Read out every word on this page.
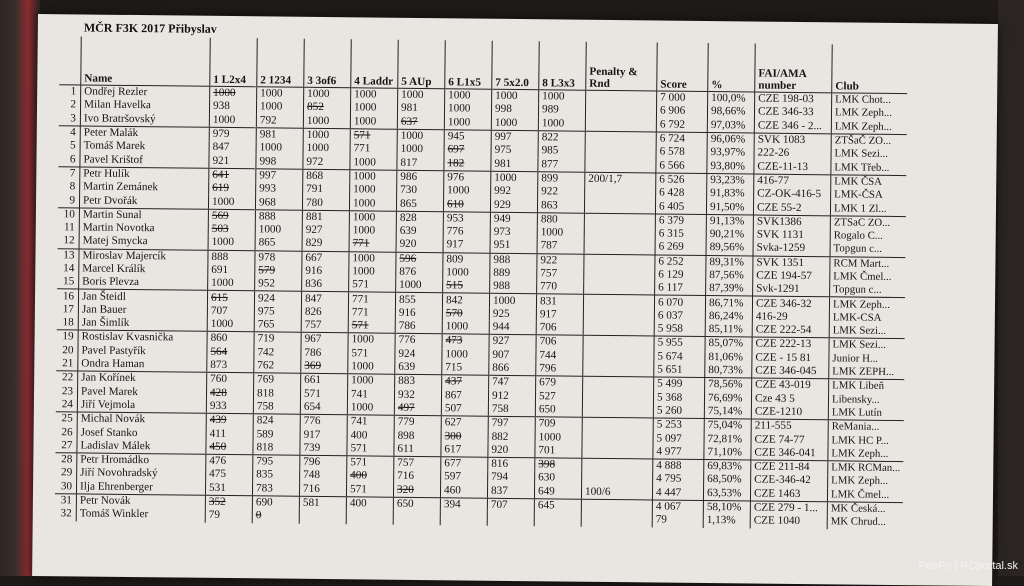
MČR F3K 2017 Přibyslav
	Name	1 L2x4	2 1234	3 3of6	4 Laddr	5 AUp	6 L1x5	7 5x2.0	8 L3x3	Penalty & Rnd	Score	%	FAI/AMA number	Club
1	Ondřej Rezler	1000	1000	1000	1000	1000	1000	1000	1000		7 000	100,0%	CZE 198-03	LMK Chot...
2	Milan Havelka	938	1000	852	1000	981	1000	998	989		6 906	98,66%	CZE 346-33	LMK Zeph...
3	Ivo Bratršovský	1000	792	1000	1000	637	1000	1000	1000		6 792	97,03%	CZE 346 - 2...	LMK Zeph...
4	Peter Malák	979	981	1000	571	1000	945	997	822		6 724	96,06%	SVK 1083	ZTŠaČ ZO...
5	Tomáš Marek	847	1000	1000	771	1000	697	975	985		6 578	93,97%	222-26	LMK Sezi...
6	Pavel Krištof	921	998	972	1000	817	182	981	877		6 566	93,80%	CZE-11-13	LMK Třeb...
7	Petr Hulík	641	997	868	1000	986	976	1000	899	200/1,7	6 526	93,23%	416-77	LMK ČSA
8	Martin Zemánek	619	993	791	1000	730	1000	992	922		6 428	91,83%	CZ-OK-416-5	LMK-ČSA
9	Petr Dvořák	1000	968	780	1000	865	610	929	863		6 405	91,50%	CZE 55-2	LMK 1 Zl...
10	Martin Sunal	569	888	881	1000	828	953	949	880		6 379	91,13%	SVK1386	ZTSaC ZO...
11	Martin Novotka	503	1000	927	1000	639	776	973	1000		6 315	90,21%	SVK 1131	Rogalo C...
12	Matej Smycka	1000	865	829	771	920	917	951	787		6 269	89,56%	Svka-1259	Topgun c...
13	Miroslav Majercík	888	978	667	1000	596	809	988	922		6 252	89,31%	SVK 1351	RCM Mart...
14	Marcel Králík	691	579	916	1000	876	1000	889	757		6 129	87,56%	CZE 194-57	LMK Čmel...
15	Boris Plevza	1000	952	836	571	1000	515	988	770		6 117	87,39%	Svk-1291	Topgun c...
16	Jan Šteidl	615	924	847	771	855	842	1000	831		6 070	86,71%	CZE 346-32	LMK Zeph...
17	Jan Bauer	707	975	826	771	916	570	925	917		6 037	86,24%	416-29	LMK-CSA
18	Jan Šimlík	1000	765	757	571	786	1000	944	706		5 958	85,11%	CZE 222-54	LMK Sezi...
19	Rostislav Kvasnička	860	719	967	1000	776	473	927	706		5 955	85,07%	CZE 222-13	LMK Sezi...
20	Pavel Pastyřík	564	742	786	571	924	1000	907	744		5 674	81,06%	CZE - 15 81	Junior H...
21	Ondra Haman	873	762	369	1000	639	715	866	796		5 651	80,73%	CZE 346-045	LMK ZEPH...
22	Jan Kořínek	760	769	661	1000	883	437	747	679		5 499	78,56%	CZE 43-019	LMK Libeň
23	Pavel Marek	428	818	571	741	932	867	912	527		5 368	76,69%	Cze 43 5	Libensky...
24	Jiří Vejmola	933	758	654	1000	497	507	758	650		5 260	75,14%	CZE-1210	LMK Lutín
25	Michal Novák	439	824	776	741	779	627	797	709		5 253	75,04%	211-555	ReMania...
26	Josef Stanko	411	589	917	400	898	300	882	1000		5 097	72,81%	CZE 74-77	LMK HC P...
27	Ladislav Málek	450	818	739	571	611	617	920	701		4 977	71,10%	CZE 346-041	LMK Zeph...
28	Petr Hromádko	476	795	796	571	757	677	816	398		4 888	69,83%	CZE 211-84	LMK RCMan...
29	Jiří Novohradský	475	835	748	400	716	597	794	630		4 795	68,50%	CZE-346-42	LMK Zeph...
30	Ilja Ehrenberger	531	783	716	571	320	460	837	649	100/6	4 447	63,53%	CZE 1463	LMK Čmel...
31	Petr Novák	352	690	581	400	650	394	707	645		4 067	58,10%	CZE 279 - 1...	MK Česká...
32	Tomáš Winkler	79	0								79	1,13%	CZE 1040	MK Chrud...
PeePo | RCportal.sk
